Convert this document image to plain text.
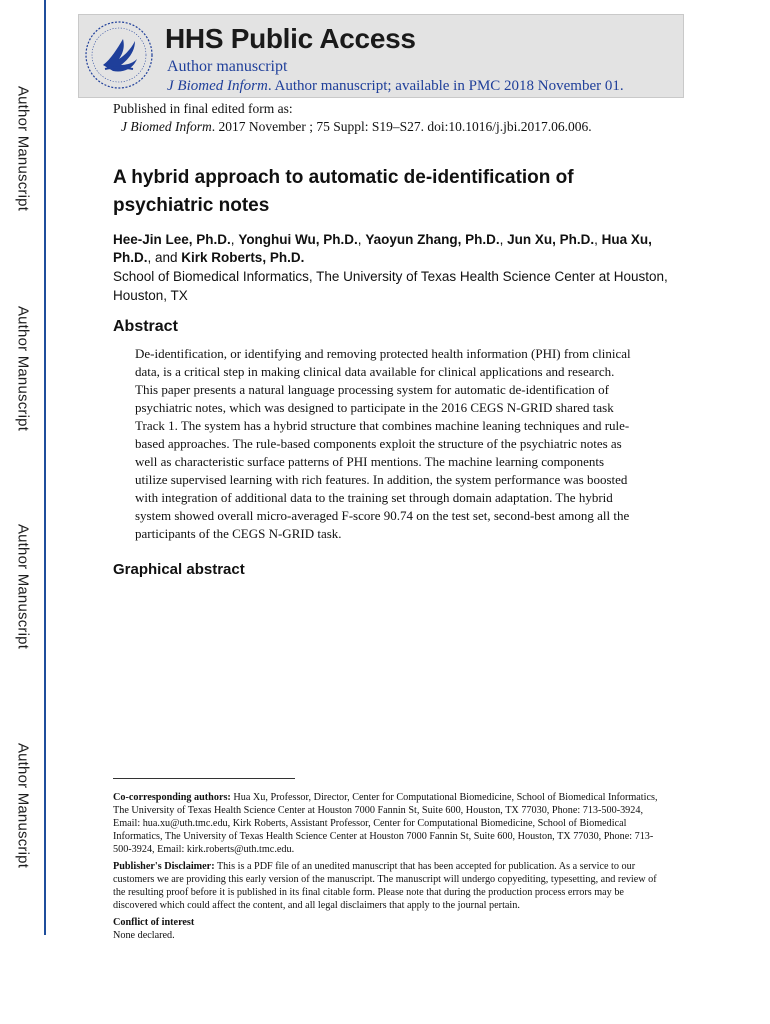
Author Manuscript
Author Manuscript
Author Manuscript
Author Manuscript
HHS Public Access
Author manuscript
J Biomed Inform. Author manuscript; available in PMC 2018 November 01.
Published in final edited form as:
J Biomed Inform. 2017 November ; 75 Suppl: S19–S27. doi:10.1016/j.jbi.2017.06.006.
A hybrid approach to automatic de-identification of psychiatric notes
Hee-Jin Lee, Ph.D., Yonghui Wu, Ph.D., Yaoyun Zhang, Ph.D., Jun Xu, Ph.D., Hua Xu, Ph.D., and Kirk Roberts, Ph.D.
School of Biomedical Informatics, The University of Texas Health Science Center at Houston, Houston, TX
Abstract
De-identification, or identifying and removing protected health information (PHI) from clinical data, is a critical step in making clinical data available for clinical applications and research. This paper presents a natural language processing system for automatic de-identification of psychiatric notes, which was designed to participate in the 2016 CEGS N-GRID shared task Track 1. The system has a hybrid structure that combines machine leaning techniques and rule-based approaches. The rule-based components exploit the structure of the psychiatric notes as well as characteristic surface patterns of PHI mentions. The machine learning components utilize supervised learning with rich features. In addition, the system performance was boosted with integration of additional data to the training set through domain adaptation. The hybrid system showed overall micro-averaged F-score 90.74 on the test set, second-best among all the participants of the CEGS N-GRID task.
Graphical abstract

Co-corresponding authors: Hua Xu, Professor, Director, Center for Computational Biomedicine, School of Biomedical Informatics, The University of Texas Health Science Center at Houston 7000 Fannin St, Suite 600, Houston, TX 77030, Phone: 713-500-3924, Email: hua.xu@uth.tmc.edu, Kirk Roberts, Assistant Professor, Center for Computational Biomedicine, School of Biomedical Informatics, The University of Texas Health Science Center at Houston 7000 Fannin St, Suite 600, Houston, TX 77030, Phone: 713-500-3924, Email: kirk.roberts@uth.tmc.edu.

Publisher's Disclaimer: This is a PDF file of an unedited manuscript that has been accepted for publication. As a service to our customers we are providing this early version of the manuscript. The manuscript will undergo copyediting, typesetting, and review of the resulting proof before it is published in its final citable form. Please note that during the production process errors may be discovered which could affect the content, and all legal disclaimers that apply to the journal pertain.

Conflict of interest
None declared.
